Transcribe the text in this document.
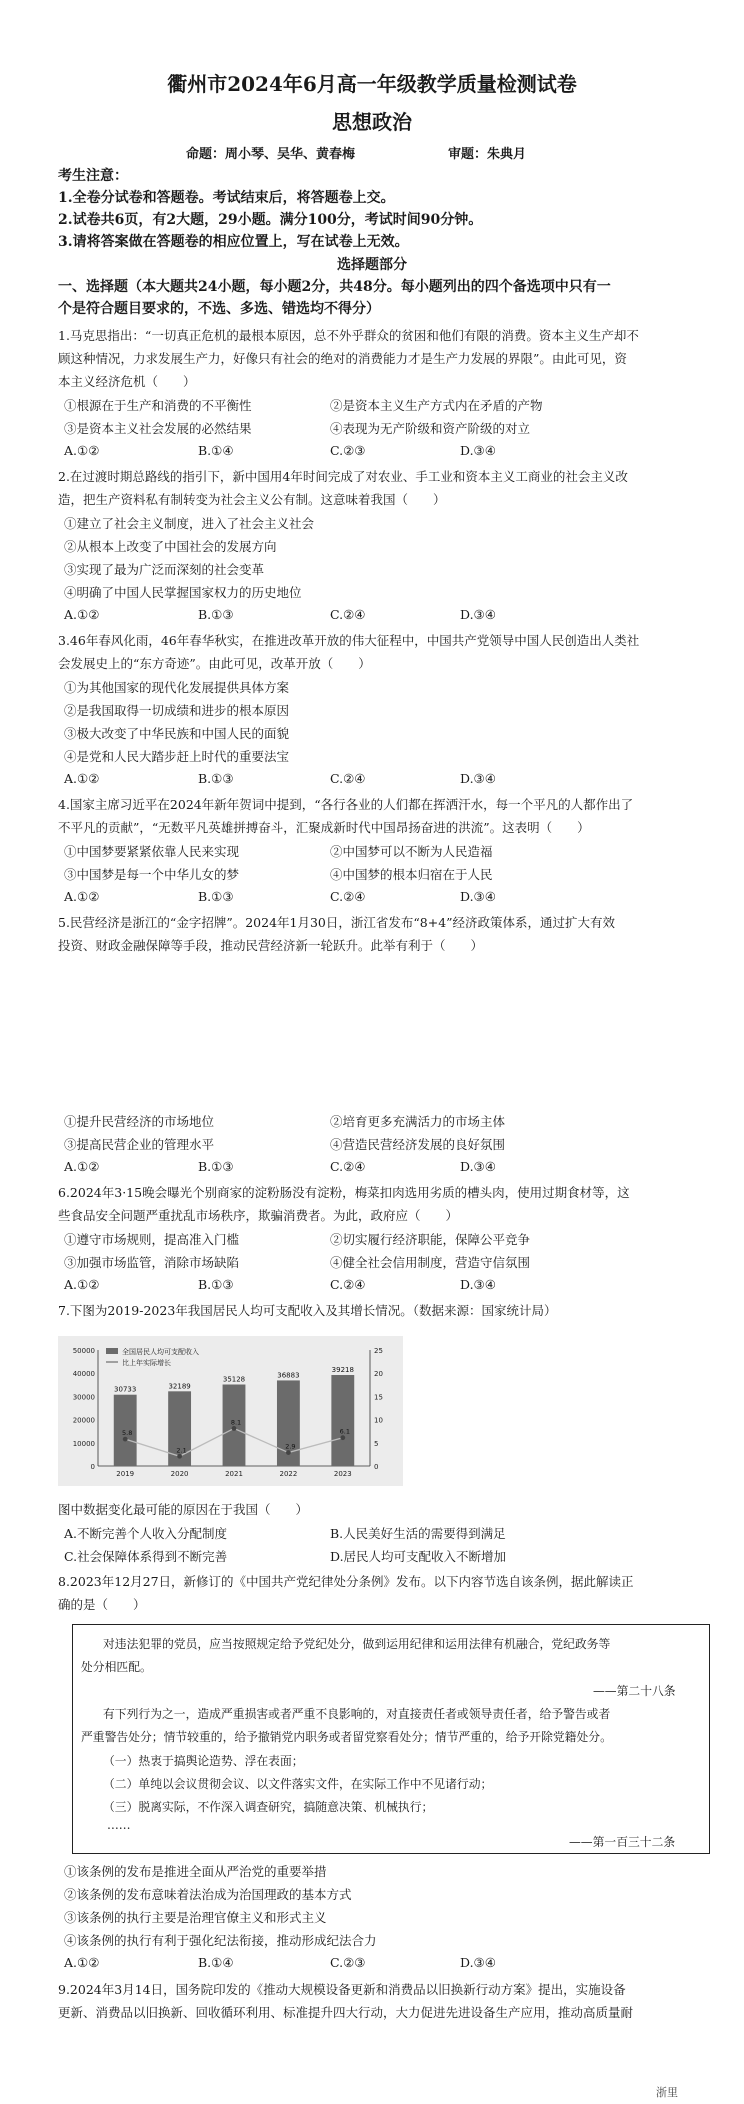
衢州市2024年6月高一年级教学质量检测试卷
思想政治
命题：周小琴、吴华、黄春梅	审题：朱典月
考生注意：
1.全卷分试卷和答题卷。考试结束后，将答题卷上交。
2.试卷共6页，有2大题，29小题。满分100分，考试时间90分钟。
3.请将答案做在答题卷的相应位置上，写在试卷上无效。
选择题部分
一、选择题（本大题共24小题，每小题2分，共48分。每小题列出的四个备选项中只有一
个是符合题目要求的，不选、多选、错选均不得分）
1.马克思指出：“一切真正危机的最根本原因，总不外乎群众的贫困和他们有限的消费。资本主义生产却不
顾这种情况，力求发展生产力，好像只有社会的绝对的消费能力才是生产力发展的界限”。由此可见，资
本主义经济危机（　　）
①根源在于生产和消费的不平衡性	②是资本主义生产方式内在矛盾的产物
③是资本主义社会发展的必然结果	④表现为无产阶级和资产阶级的对立
A.①②	B.①④	C.②③	D.③④
2.在过渡时期总路线的指引下，新中国用4年时间完成了对农业、手工业和资本主义工商业的社会主义改
造，把生产资料私有制转变为社会主义公有制。这意味着我国（　　）
①建立了社会主义制度，进入了社会主义社会
②从根本上改变了中国社会的发展方向
③实现了最为广泛而深刻的社会变革
④明确了中国人民掌握国家权力的历史地位
A.①②	B.①③	C.②④	D.③④
3.46年春风化雨，46年春华秋实，在推进改革开放的伟大征程中，中国共产党领导中国人民创造出人类社
会发展史上的“东方奇迹”。由此可见，改革开放（　　）
①为其他国家的现代化发展提供具体方案
②是我国取得一切成绩和进步的根本原因
③极大改变了中华民族和中国人民的面貌
④是党和人民大踏步赶上时代的重要法宝
A.①②	B.①③	C.②④	D.③④
4.国家主席习近平在2024年新年贺词中提到，“各行各业的人们都在挥洒汗水，每一个平凡的人都作出了
不平凡的贡献”，“无数平凡英雄拼搏奋斗，汇聚成新时代中国昂扬奋进的洪流”。这表明（　　）
①中国梦要紧紧依靠人民来实现	②中国梦可以不断为人民造福
③中国梦是每一个中华儿女的梦	④中国梦的根本归宿在于人民
A.①②	B.①③	C.②④	D.③④
5.民营经济是浙江的“金字招牌”。2024年1月30日，浙江省发布“8+4”经济政策体系，通过扩大有效
投资、财政金融保障等手段，推动民营经济新一轮跃升。此举有利于（　　）
①提升民营经济的市场地位	②培育更多充满活力的市场主体
③提高民营企业的管理水平	④营造民营经济发展的良好氛围
A.①②	B.①③	C.②④	D.③④
6.2024年3·15晚会曝光个别商家的淀粉肠没有淀粉，梅菜扣肉选用劣质的槽头肉，使用过期食材等，这
些食品安全问题严重扰乱市场秩序，欺骗消费者。为此，政府应（　　）
①遵守市场规则，提高准入门槛	②切实履行经济职能，保障公平竞争
③加强市场监管，消除市场缺陷	④健全社会信用制度，营造守信氛围
A.①②	B.①③	C.②④	D.③④
7.下图为2019-2023年我国居民人均可支配收入及其增长情况。（数据来源：国家统计局）
50000
40000
30000
20000
10000
0
25
20
15
10
5
0
全国居民人均可支配收入
比上年实际增长
30733
2019
32189
2020
35128
2021
36883
2022
39218
2023
5.8
2.1
8.1
2.9
6.1
图中数据变化最可能的原因在于我国（　　）
A.不断完善个人收入分配制度	B.人民美好生活的需要得到满足
C.社会保障体系得到不断完善	D.居民人均可支配收入不断增加
8.2023年12月27日，新修订的《中国共产党纪律处分条例》发布。以下内容节选自该条例，据此解读正
确的是（　　）
对违法犯罪的党员，应当按照规定给予党纪处分，做到运用纪律和运用法律有机融合，党纪政务等
处分相匹配。
——第二十八条
有下列行为之一，造成严重损害或者严重不良影响的，对直接责任者或领导责任者，给予警告或者
严重警告处分；情节较重的，给予撤销党内职务或者留党察看处分；情节严重的，给予开除党籍处分。
（一）热衷于搞舆论造势、浮在表面；
（二）单纯以会议贯彻会议、以文件落实文件，在实际工作中不见诸行动；
（三）脱离实际，不作深入调查研究，搞随意决策、机械执行；
……
——第一百三十二条
①该条例的发布是推进全面从严治党的重要举措
②该条例的发布意味着法治成为治国理政的基本方式
③该条例的执行主要是治理官僚主义和形式主义
④该条例的执行有利于强化纪法衔接，推动形成纪法合力
A.①②	B.①④	C.②③	D.③④
9.2024年3月14日，国务院印发的《推动大规模设备更新和消费品以旧换新行动方案》提出，实施设备
更新、消费品以旧换新、回收循环利用、标准提升四大行动，大力促进先进设备生产应用，推动高质量耐
浙里
